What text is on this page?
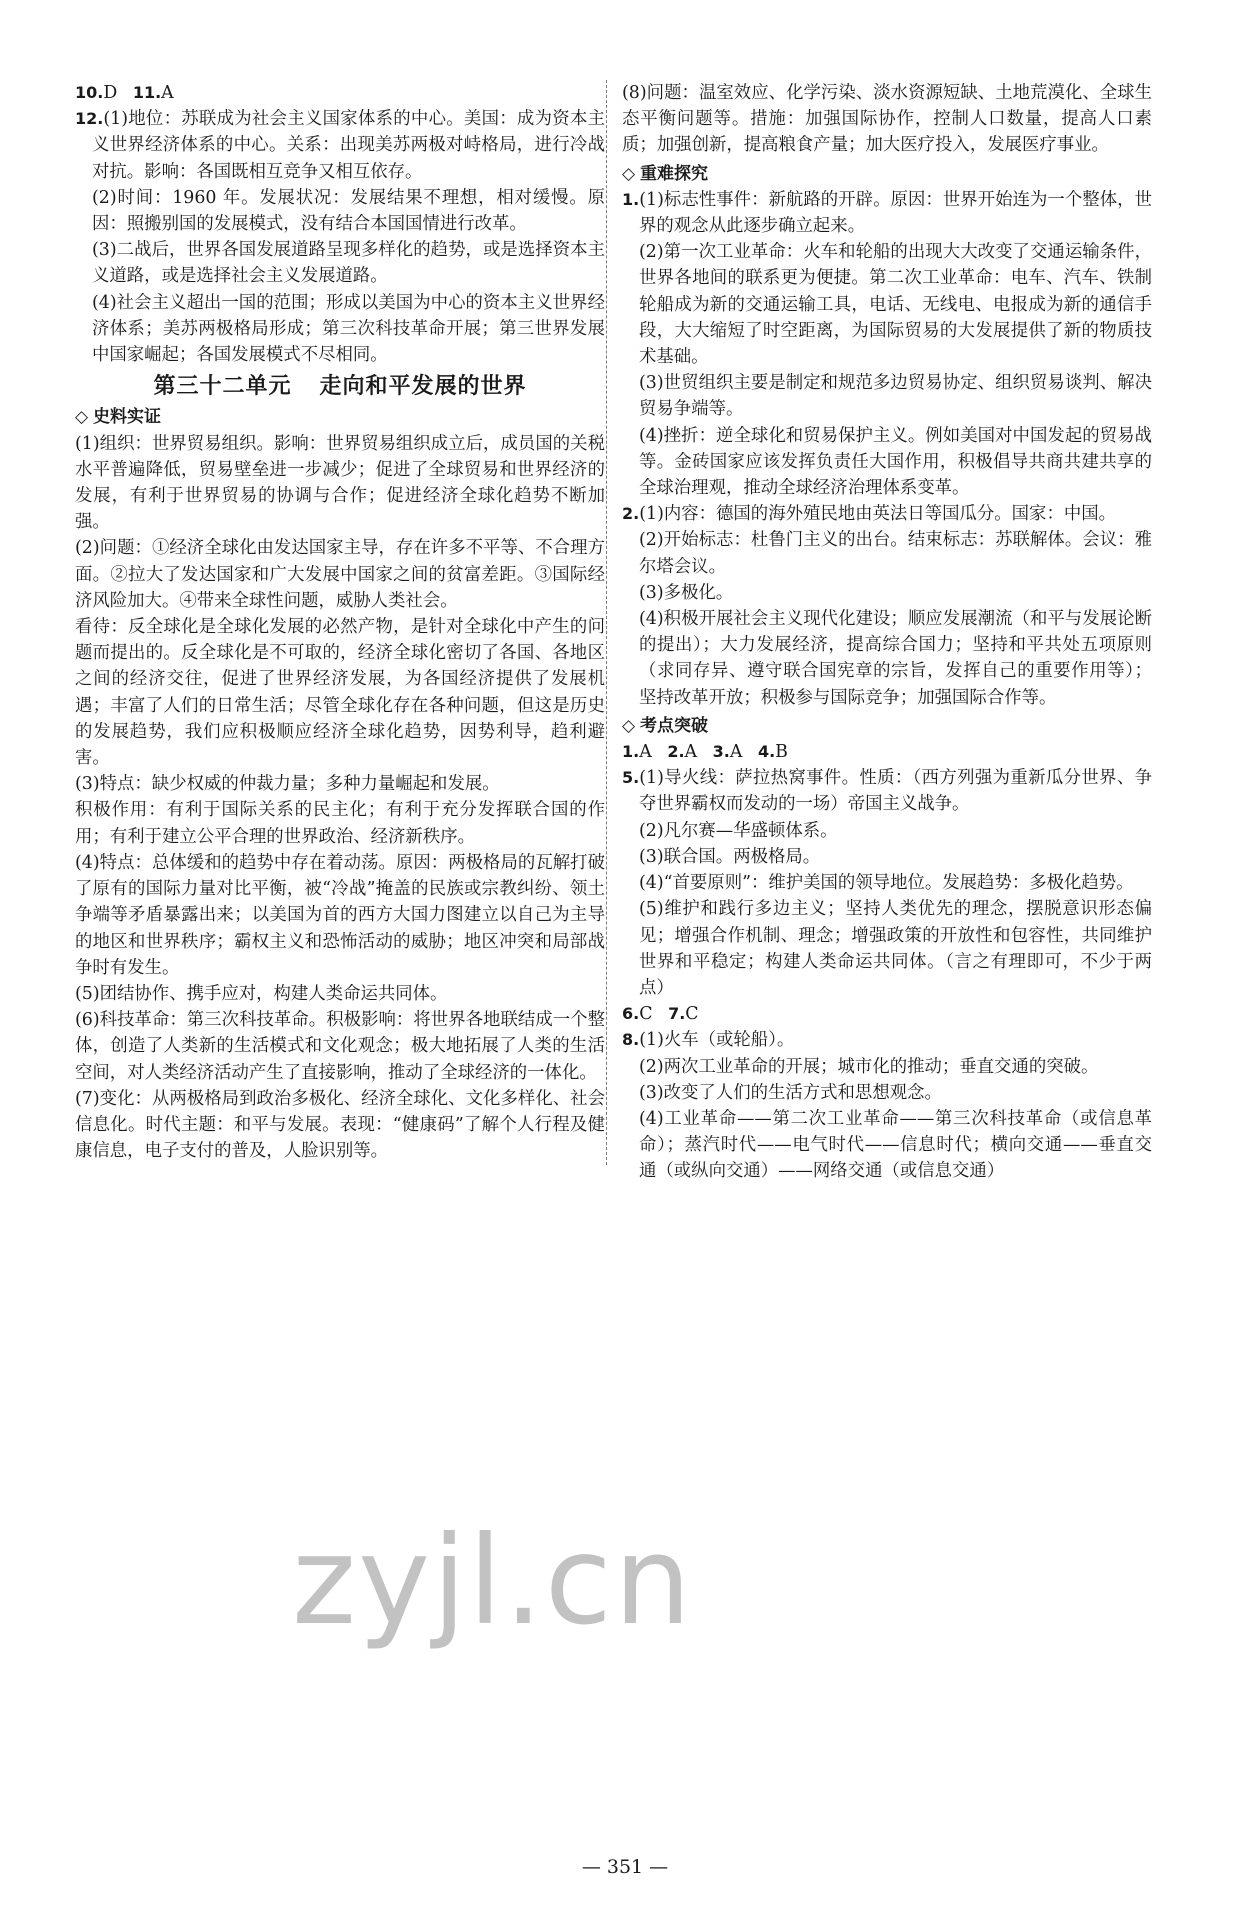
10.D 11.A

12.(1)地位：苏联成为社会主义国家体系的中心。美国：成为资本主义世界经济体系的中心。关系：出现美苏两极对峙格局，进行冷战对抗。影响：各国既相互竞争又相互依存。

(2)时间：1960 年。发展状况：发展结果不理想，相对缓慢。原因：照搬别国的发展模式，没有结合本国国情进行改革。

(3)二战后，世界各国发展道路呈现多样化的趋势，或是选择资本主义道路，或是选择社会主义发展道路。

(4)社会主义超出一国的范围；形成以美国为中心的资本主义世界经济体系；美苏两极格局形成；第三次科技革命开展；第三世界发展中国家崛起；各国发展模式不尽相同。

第三十二单元 走向和平发展的世界

◇ 史料实证

(1)组织：世界贸易组织。影响：世界贸易组织成立后，成员国的关税水平普遍降低，贸易壁垒进一步减少；促进了全球贸易和世界经济的发展，有利于世界贸易的协调与合作；促进经济全球化趋势不断加强。

(2)问题：①经济全球化由发达国家主导，存在许多不平等、不合理方面。②拉大了发达国家和广大发展中国家之间的贫富差距。③国际经济风险加大。④带来全球性问题，威胁人类社会。

看待：反全球化是全球化发展的必然产物，是针对全球化中产生的问题而提出的。反全球化是不可取的，经济全球化密切了各国、各地区之间的经济交往，促进了世界经济发展，为各国经济提供了发展机遇；丰富了人们的日常生活；尽管全球化存在各种问题，但这是历史的发展趋势，我们应积极顺应经济全球化趋势，因势利导，趋利避害。

(3)特点：缺少权威的仲裁力量；多种力量崛起和发展。

积极作用：有利于国际关系的民主化；有利于充分发挥联合国的作用；有利于建立公平合理的世界政治、经济新秩序。

(4)特点：总体缓和的趋势中存在着动荡。原因：两极格局的瓦解打破了原有的国际力量对比平衡，被“冷战”掩盖的民族或宗教纠纷、领土争端等矛盾暴露出来；以美国为首的西方大国力图建立以自己为主导的地区和世界秩序；霸权主义和恐怖活动的威胁；地区冲突和局部战争时有发生。

(5)团结协作、携手应对，构建人类命运共同体。

(6)科技革命：第三次科技革命。积极影响：将世界各地联结成一个整体，创造了人类新的生活模式和文化观念；极大地拓展了人类的生活空间，对人类经济活动产生了直接影响，推动了全球经济的一体化。

(7)变化：从两极格局到政治多极化、经济全球化、文化多样化、社会信息化。时代主题：和平与发展。表现：“健康码”了解个人行程及健康信息，电子支付的普及，人脸识别等。

(8)问题：温室效应、化学污染、淡水资源短缺、土地荒漠化、全球生态平衡问题等。措施：加强国际协作，控制人口数量，提高人口素质；加强创新，提高粮食产量；加大医疗投入，发展医疗事业。

◇ 重难探究

1.(1)标志性事件：新航路的开辟。原因：世界开始连为一个整体，世界的观念从此逐步确立起来。

(2)第一次工业革命：火车和轮船的出现大大改变了交通运输条件，世界各地间的联系更为便捷。第二次工业革命：电车、汽车、铁制轮船成为新的交通运输工具，电话、无线电、电报成为新的通信手段，大大缩短了时空距离，为国际贸易的大发展提供了新的物质技术基础。

(3)世贸组织主要是制定和规范多边贸易协定、组织贸易谈判、解决贸易争端等。

(4)挫折：逆全球化和贸易保护主义。例如美国对中国发起的贸易战等。金砖国家应该发挥负责任大国作用，积极倡导共商共建共享的全球治理观，推动全球经济治理体系变革。

2.(1)内容：德国的海外殖民地由英法日等国瓜分。国家：中国。

(2)开始标志：杜鲁门主义的出台。结束标志：苏联解体。会议：雅尔塔会议。

(3)多极化。

(4)积极开展社会主义现代化建设；顺应发展潮流（和平与发展论断的提出）；大力发展经济，提高综合国力；坚持和平共处五项原则（求同存异、遵守联合国宪章的宗旨，发挥自己的重要作用等）；坚持改革开放；积极参与国际竞争；加强国际合作等。

◇ 考点突破

1.A 2.A 3.A 4.B

5.(1)导火线：萨拉热窝事件。性质：（西方列强为重新瓜分世界、争夺世界霸权而发动的一场）帝国主义战争。

(2)凡尔赛—华盛顿体系。

(3)联合国。两极格局。

(4)“首要原则”：维护美国的领导地位。发展趋势：多极化趋势。

(5)维护和践行多边主义；坚持人类优先的理念，摆脱意识形态偏见；增强合作机制、理念；增强政策的开放性和包容性，共同维护世界和平稳定；构建人类命运共同体。（言之有理即可，不少于两点）

6.C 7.C

8.(1)火车（或轮船）。

(2)两次工业革命的开展；城市化的推动；垂直交通的突破。

(3)改变了人们的生活方式和思想观念。

(4)工业革命——第二次工业革命——第三次科技革命（或信息革命）；蒸汽时代——电气时代——信息时代；横向交通——垂直交通（或纵向交通）——网络交通（或信息交通）

zyjl.cn
— 351 —
